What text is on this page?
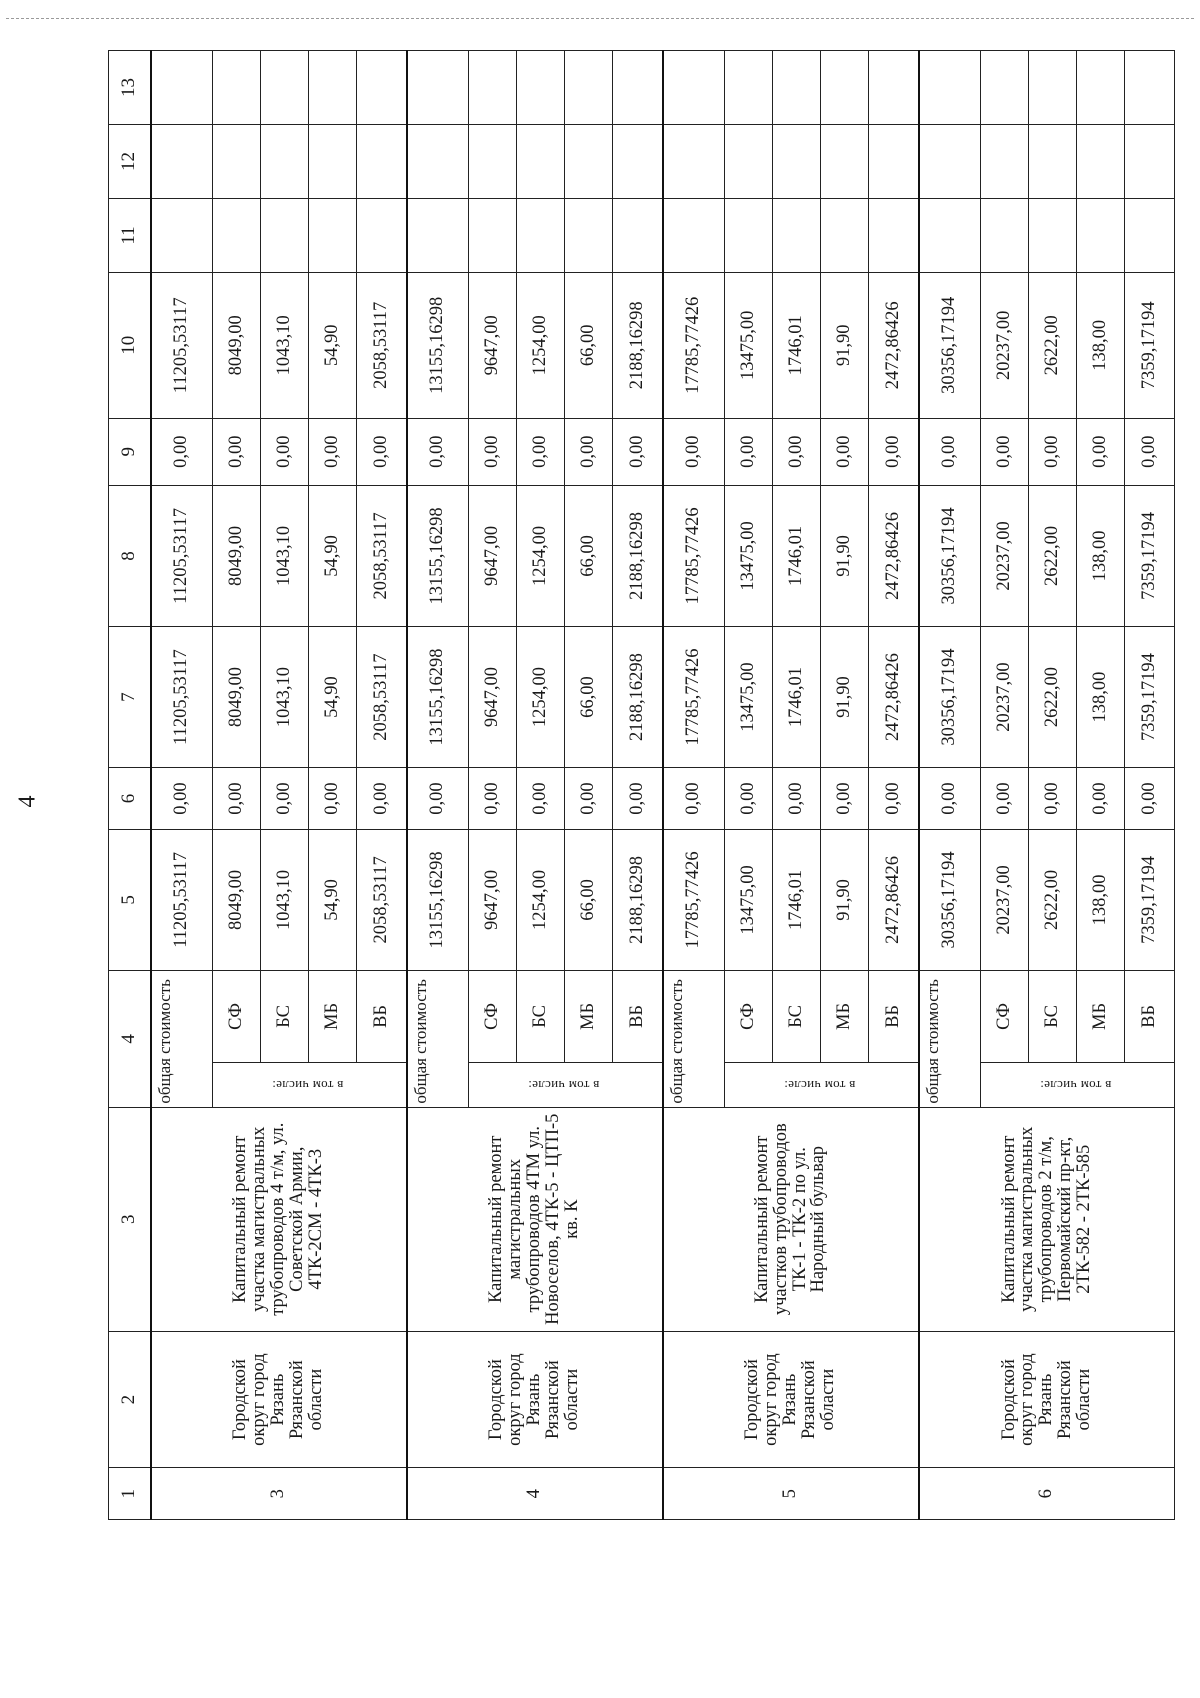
4
1	2	3	4		5	6	7	8	9	10	11	12	13
3	Городской округ город Рязань Рязанской области	Капитальный ремонт участка магистральных трубопроводов 4 т/м, ул. Советской Армии, 4ТК-2СМ - 4ТК-3	общая стоимость		11205,53117	0,00	11205,53117	11205,53117	0,00	11205,53117			
			в том числе:	СФ	8049,00	0,00	8049,00	8049,00	0,00	8049,00			
				БС	1043,10	0,00	1043,10	1043,10	0,00	1043,10			
				МБ	54,90	0,00	54,90	54,90	0,00	54,90			
				ВБ	2058,53117	0,00	2058,53117	2058,53117	0,00	2058,53117			
4	Городской округ город Рязань Рязанской области	Капитальный ремонт магистральных трубопроводов 4ТМ ул. Новоселов, 4ТК-5 - ЦТП-5 кв. К	общая стоимость		13155,16298	0,00	13155,16298	13155,16298	0,00	13155,16298			
			в том числе:	СФ	9647,00	0,00	9647,00	9647,00	0,00	9647,00			
				БС	1254,00	0,00	1254,00	1254,00	0,00	1254,00			
				МБ	66,00	0,00	66,00	66,00	0,00	66,00			
				ВБ	2188,16298	0,00	2188,16298	2188,16298	0,00	2188,16298			
5	Городской округ город Рязань Рязанской области	Капитальный ремонт участков трубопроводов ТК-1 - ТК-2 по ул. Народный бульвар	общая стоимость		17785,77426	0,00	17785,77426	17785,77426	0,00	17785,77426			
			в том числе:	СФ	13475,00	0,00	13475,00	13475,00	0,00	13475,00			
				БС	1746,01	0,00	1746,01	1746,01	0,00	1746,01			
				МБ	91,90	0,00	91,90	91,90	0,00	91,90			
				ВБ	2472,86426	0,00	2472,86426	2472,86426	0,00	2472,86426			
6	Городской округ город Рязань Рязанской области	Капитальный ремонт участка магистральных трубопроводов 2 т/м, Первомайский пр-кт, 2ТК-582 - 2ТК-585	общая стоимость		30356,17194	0,00	30356,17194	30356,17194	0,00	30356,17194			
			в том числе:	СФ	20237,00	0,00	20237,00	20237,00	0,00	20237,00			
				БС	2622,00	0,00	2622,00	2622,00	0,00	2622,00			
				МБ	138,00	0,00	138,00	138,00	0,00	138,00			
				ВБ	7359,17194	0,00	7359,17194	7359,17194	0,00	7359,17194			
